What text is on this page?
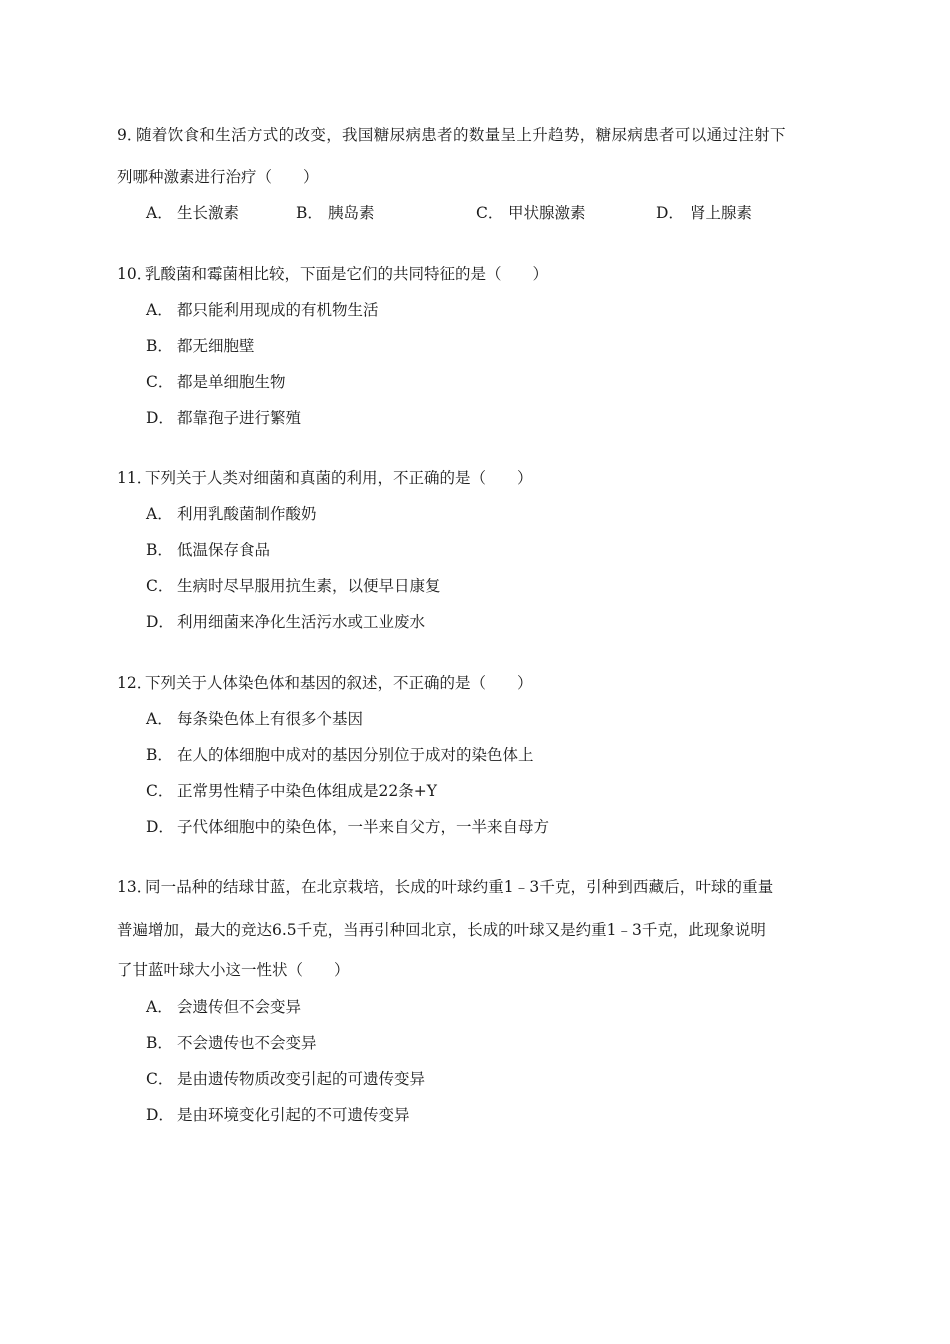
9．
随着饮食和生活方式的改变，我国糖尿病患者的数量呈上升趋势，糖尿病患者可以通过注射下
列哪种激素进行治疗（　　）
A． 生长激素	B． 胰岛素	C． 甲状腺激素	D． 肾上腺素
10．
乳酸菌和霉菌相比较，下面是它们的共同特征的是（　　）
A． 都只能利用现成的有机物生活
B． 都无细胞壁
C． 都是单细胞生物
D． 都靠孢子进行繁殖
11．
下列关于人类对细菌和真菌的利用，不正确的是（　　）
A． 利用乳酸菌制作酸奶
B． 低温保存食品
C． 生病时尽早服用抗生素，以便早日康复
D． 利用细菌来净化生活污水或工业废水
12．
下列关于人体染色体和基因的叙述，不正确的是（　　）
A． 每条染色体上有很多个基因
B． 在人的体细胞中成对的基因分别位于成对的染色体上
C． 正常男性精子中染色体组成是22条+Y
D． 子代体细胞中的染色体，一半来自父方，一半来自母方
13．
同一品种的结球甘蓝，在北京栽培，长成的叶球约重1﹣3千克，引种到西藏后，叶球的重量
普遍增加，最大的竞达6.5千克，当再引种回北京，长成的叶球又是约重1﹣3千克，此现象说明
了甘蓝叶球大小这一性状（　　）
A． 会遗传但不会变异
B． 不会遗传也不会变异
C． 是由遗传物质改变引起的可遗传变异
D． 是由环境变化引起的不可遗传变异
